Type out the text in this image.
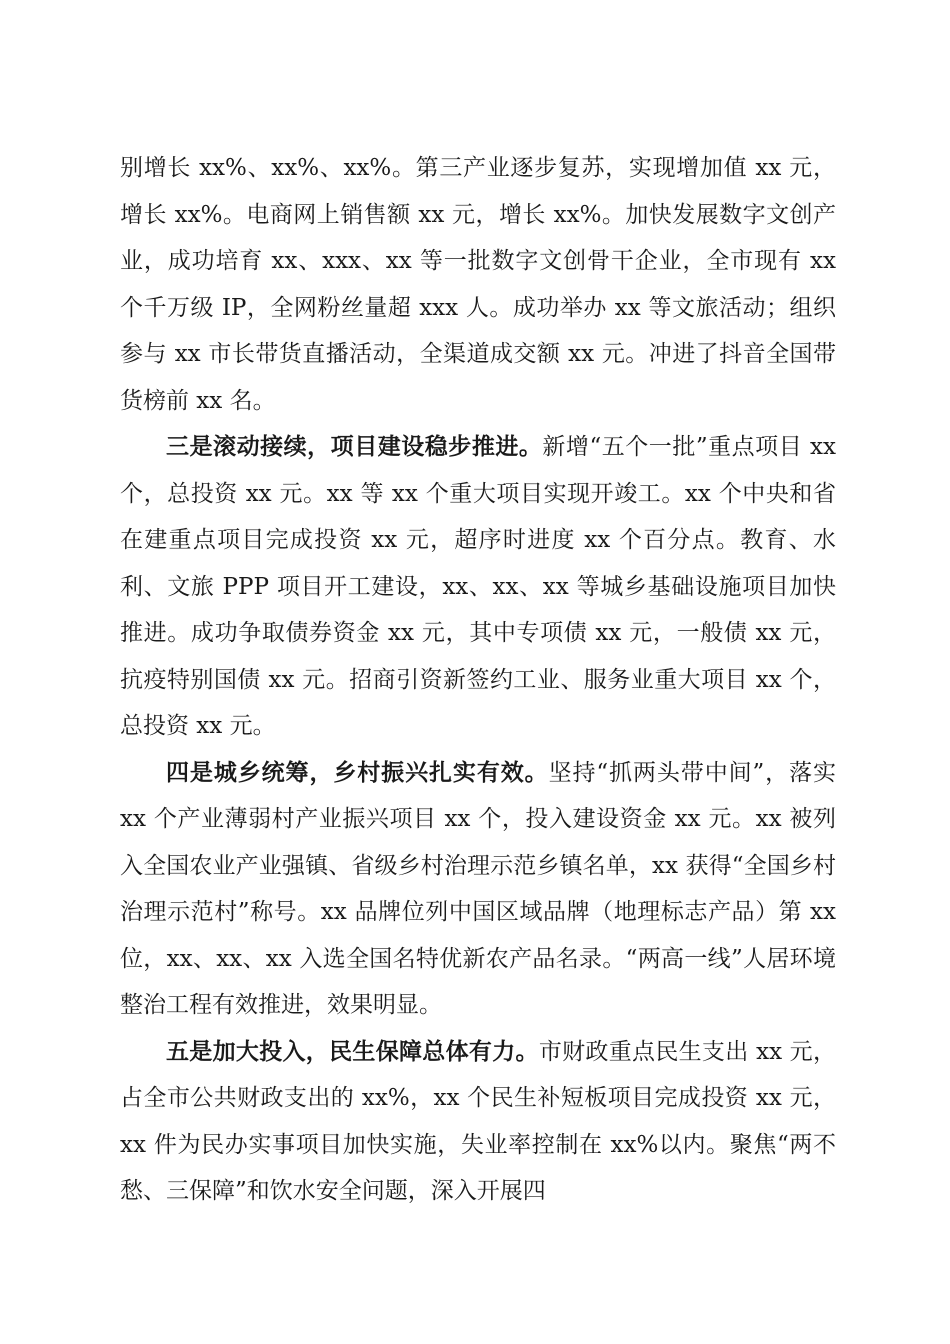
别增长 xx%、xx%、xx%。第三产业逐步复苏，实现增加值 xx 元，增长 xx%。电商网上销售额 xx 元，增长 xx%。加快发展数字文创产业，成功培育 xx、xxx、xx 等一批数字文创骨干企业，全市现有 xx 个千万级 IP，全网粉丝量超 xxx 人。成功举办 xx 等文旅活动；组织参与 xx 市长带货直播活动，全渠道成交额 xx 元。冲进了抖音全国带货榜前 xx 名。

三是滚动接续，项目建设稳步推进。新增“五个一批”重点项目 xx 个，总投资 xx 元。xx 等 xx 个重大项目实现开竣工。xx 个中央和省在建重点项目完成投资 xx 元，超序时进度 xx 个百分点。教育、水利、文旅 PPP 项目开工建设，xx、xx、xx 等城乡基础设施项目加快推进。成功争取债券资金 xx 元，其中专项债 xx 元，一般债 xx 元，抗疫特别国债 xx 元。招商引资新签约工业、服务业重大项目 xx 个，总投资 xx 元。

四是城乡统筹，乡村振兴扎实有效。坚持“抓两头带中间”，落实 xx 个产业薄弱村产业振兴项目 xx 个，投入建设资金 xx 元。xx 被列入全国农业产业强镇、省级乡村治理示范乡镇名单，xx 获得“全国乡村治理示范村”称号。xx 品牌位列中国区域品牌（地理标志产品）第 xx 位，xx、xx、xx 入选全国名特优新农产品名录。“两高一线”人居环境整治工程有效推进，效果明显。

五是加大投入，民生保障总体有力。市财政重点民生支出 xx 元，占全市公共财政支出的 xx%，xx 个民生补短板项目完成投资 xx 元，xx 件为民办实事项目加快实施，失业率控制在 xx%以内。聚焦“两不愁、三保障”和饮水安全问题，深入开展四
